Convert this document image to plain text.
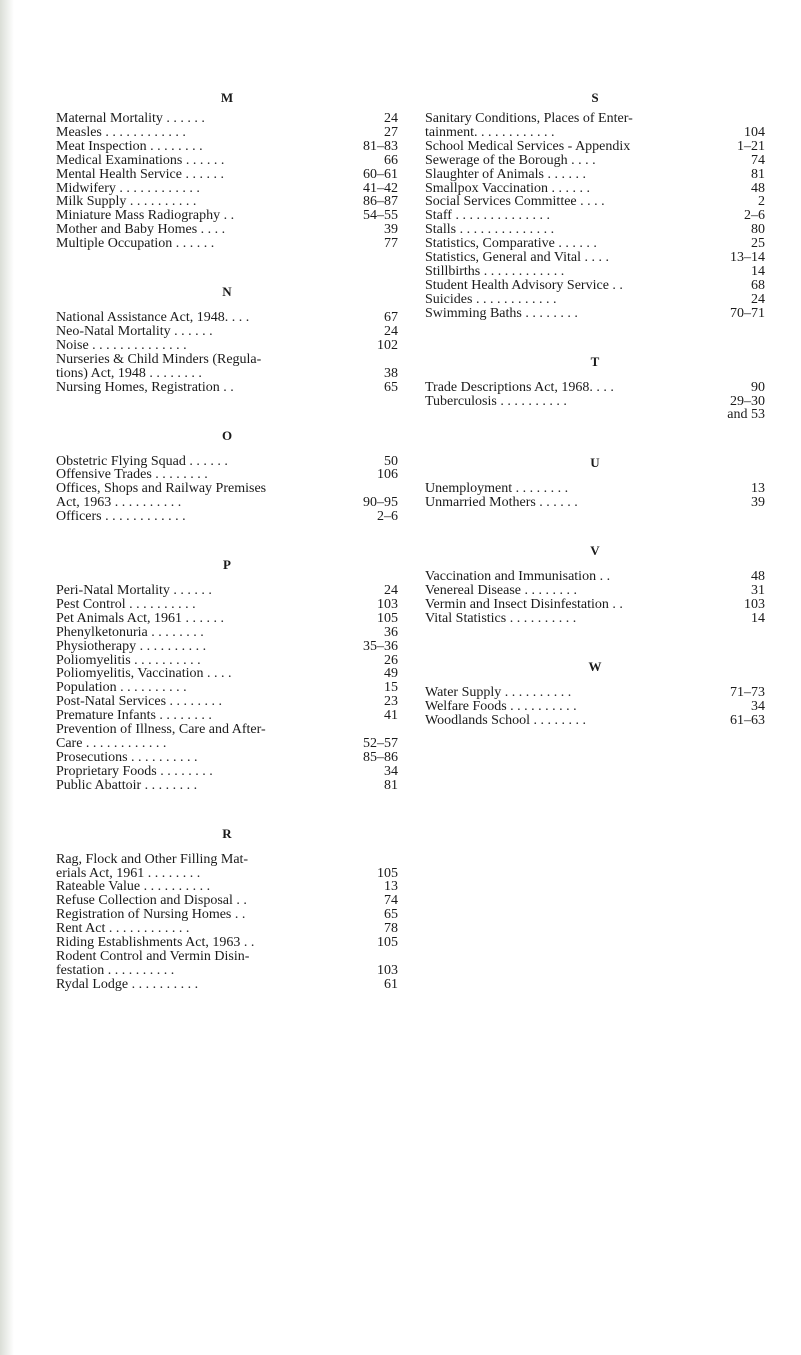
M
Maternal Mortality . . . . . .	24
Measles . . . . . . . . . . . .	27
Meat Inspection . . . . . . . .	81–83
Medical Examinations . . . . . .	66
Mental Health Service . . . . . .	60–61
Midwifery . . . . . . . . . . . .	41–42
Milk Supply . . . . . . . . . .	86–87
Miniature Mass Radiography . .	54–55
Mother and Baby Homes . . . .	39
Multiple Occupation . . . . . .	77
N
National Assistance Act, 1948. . . .	67
Neo-Natal Mortality . . . . . .	24
Noise . . . . . . . . . . . . . .	102
Nurseries & Child Minders (Regula-
tions) Act, 1948 . . . . . . . .	38
Nursing Homes, Registration . .	65
O
Obstetric Flying Squad . . . . . .	50
Offensive Trades . . . . . . . .	106
Offices, Shops and Railway Premises
Act, 1963 . . . . . . . . . .	90–95
Officers . . . . . . . . . . . .	2–6
P
Peri-Natal Mortality . . . . . .	24
Pest Control . . . . . . . . . .	103
Pet Animals Act, 1961 . . . . . .	105
Phenylketonuria . . . . . . . .	36
Physiotherapy . . . . . . . . . .	35–36
Poliomyelitis . . . . . . . . . .	26
Poliomyelitis, Vaccination . . . .	49
Population . . . . . . . . . .	15
Post-Natal Services . . . . . . . .	23
Premature Infants . . . . . . . .	41
Prevention of Illness, Care and After-
Care . . . . . . . . . . . .	52–57
Prosecutions . . . . . . . . . .	85–86
Proprietary Foods . . . . . . . .	34
Public Abattoir . . . . . . . .	81
R
Rag, Flock and Other Filling Mat-
erials Act, 1961 . . . . . . . .	105
Rateable Value . . . . . . . . . .	13
Refuse Collection and Disposal . .	74
Registration of Nursing Homes . .	65
Rent Act . . . . . . . . . . . .	78
Riding Establishments Act, 1963 . .	105
Rodent Control and Vermin Disin-
festation . . . . . . . . . .	103
Rydal Lodge . . . . . . . . . .	61
S
Sanitary Conditions, Places of Enter-
tainment. . . . . . . . . . . .	104
School Medical Services - Appendix	1–21
Sewerage of the Borough . . . .	74
Slaughter of Animals . . . . . .	81
Smallpox Vaccination . . . . . .	48
Social Services Committee . . . .	2
Staff . . . . . . . . . . . . . .	2–6
Stalls . . . . . . . . . . . . . .	80
Statistics, Comparative . . . . . .	25
Statistics, General and Vital . . . .	13–14
Stillbirths . . . . . . . . . . . .	14
Student Health Advisory Service . .	68
Suicides . . . . . . . . . . . .	24
Swimming Baths . . . . . . . .	70–71
T
Trade Descriptions Act, 1968. . . .	90
Tuberculosis . . . . . . . . . .	29–30
and 53
U
Unemployment . . . . . . . .	13
Unmarried Mothers . . . . . .	39
V
Vaccination and Immunisation . .	48
Venereal Disease . . . . . . . .	31
Vermin and Insect Disinfestation . .	103
Vital Statistics . . . . . . . . . .	14
W
Water Supply . . . . . . . . . .	71–73
Welfare Foods . . . . . . . . . .	34
Woodlands School . . . . . . . .	61–63
